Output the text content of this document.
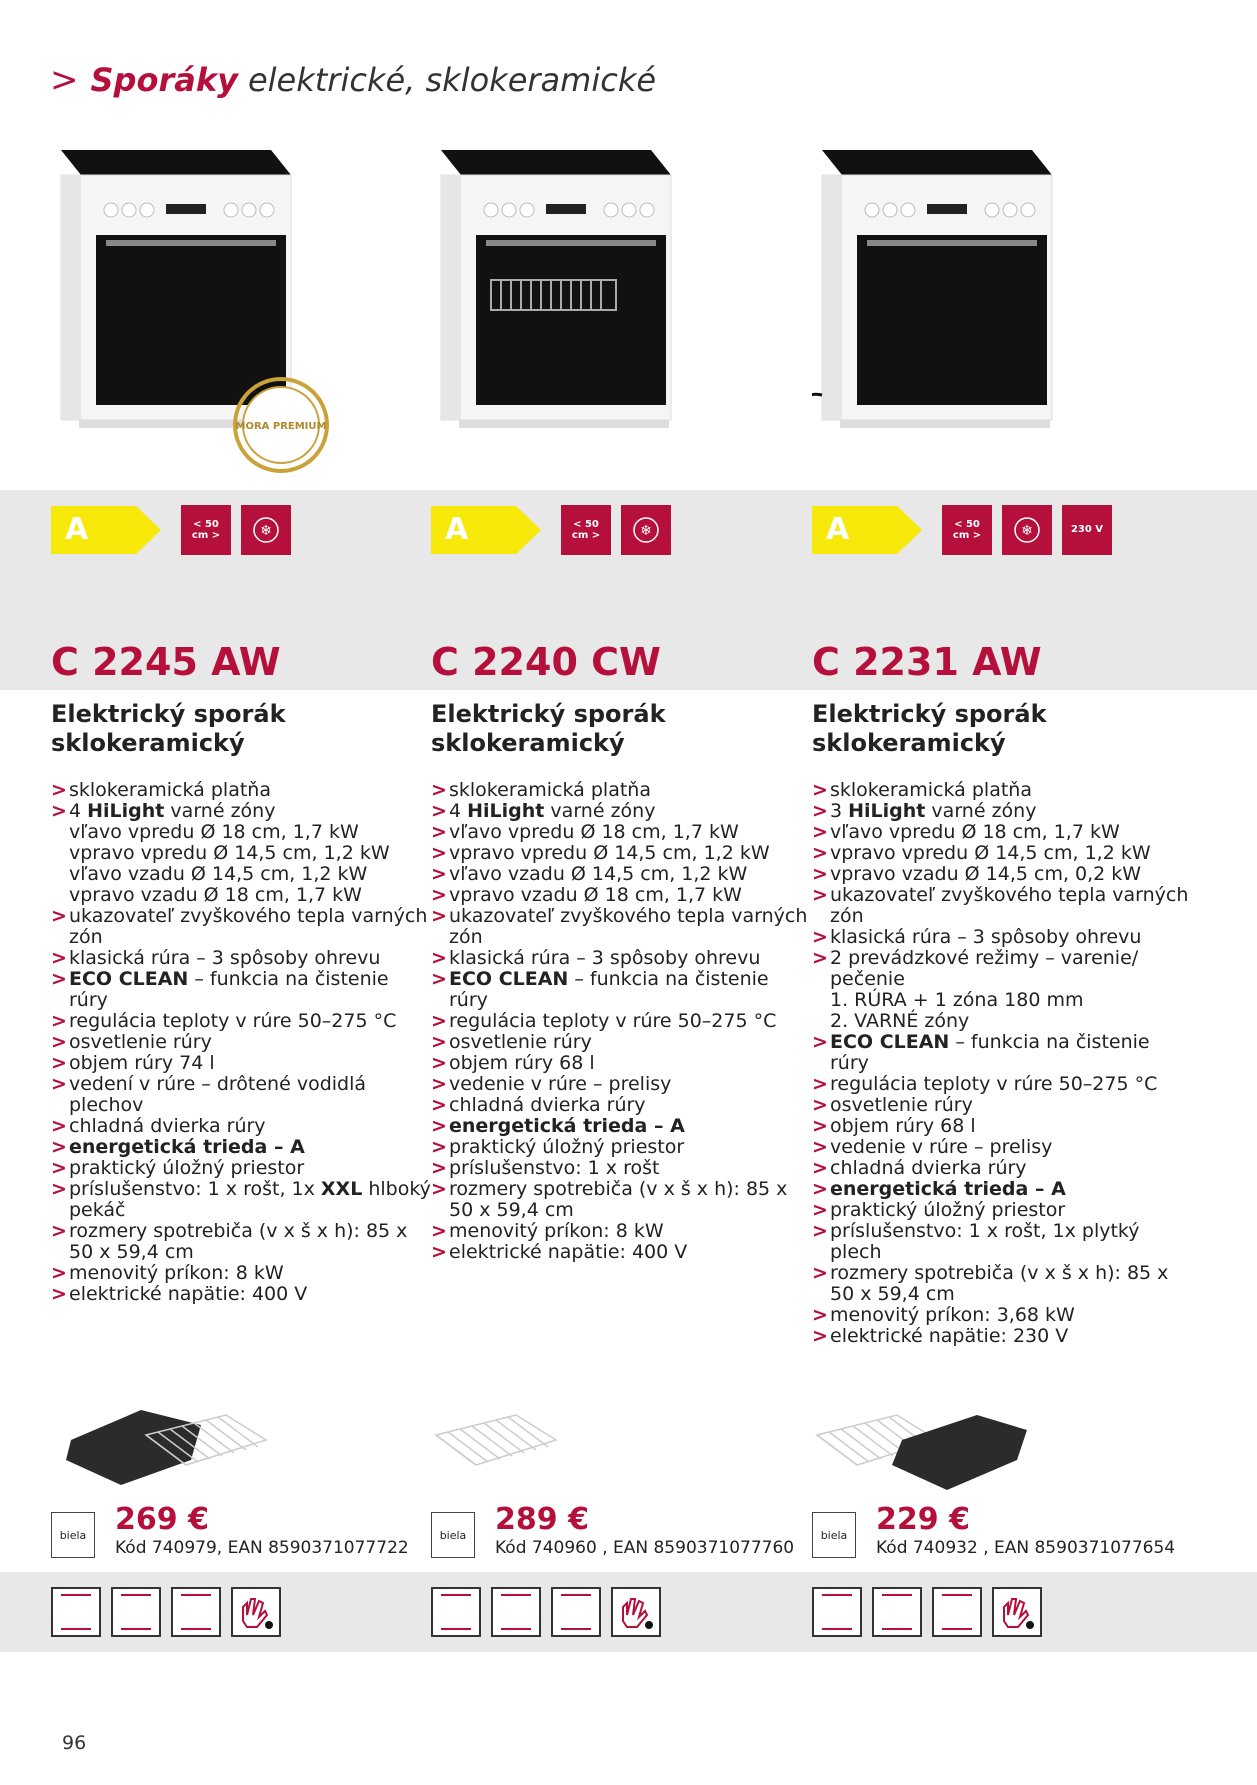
> Sporáky elektrické, sklokeramické
MORA PREMIUM
A	< 50
cm >	❄
C 2245 AW
Elektrický sporák
sklokeramický
> sklokeramická platňa
> 4 HiLight varné zóny
vľavo vpredu Ø 18 cm, 1,7 kW
vpravo vpredu Ø 14,5 cm, 1,2 kW
vľavo vzadu Ø 14,5 cm, 1,2 kW
vpravo vzadu Ø 18 cm, 1,7 kW
> ukazovateľ zvyškového tepla varných zón
> klasická rúra – 3 spôsoby ohrevu
> ECO CLEAN – funkcia na čistenie rúry
> regulácia teploty v rúre 50–275 °C
> osvetlenie rúry
> objem rúry 74 l
> vedení v rúre – drôtené vodidlá plechov
> chladná dvierka rúry
> energetická trieda – A
> praktický úložný priestor
> príslušenstvo: 1 x rošt, 1x XXL hlboký pekáč
> rozmery spotrebiča (v x š x h): 85 x 50 x 59,4 cm
> menovitý príkon: 8 kW
> elektrické napätie: 400 V
biela 269 €
Kód 740979, EAN 8590371077722
A	< 50
cm >	❄
C 2240 CW
Elektrický sporák
sklokeramický
> sklokeramická platňa
> 4 HiLight varné zóny
> vľavo vpredu Ø 18 cm, 1,7 kW
> vpravo vpredu Ø 14,5 cm, 1,2 kW
> vľavo vzadu Ø 14,5 cm, 1,2 kW
> vpravo vzadu Ø 18 cm, 1,7 kW
> ukazovateľ zvyškového tepla varných zón
> klasická rúra – 3 spôsoby ohrevu
> ECO CLEAN – funkcia na čistenie rúry
> regulácia teploty v rúre 50–275 °C
> osvetlenie rúry
> objem rúry 68 l
> vedenie v rúre – prelisy
> chladná dvierka rúry
> energetická trieda – A
> praktický úložný priestor
> príslušenstvo: 1 x rošt
> rozmery spotrebiča (v x š x h): 85 x 50 x 59,4 cm
> menovitý príkon: 8 kW
> elektrické napätie: 400 V
biela 289 €
Kód 740960 , EAN 8590371077760
A	< 50
cm >	❄	230 V
C 2231 AW
Elektrický sporák
sklokeramický
> sklokeramická platňa
> 3 HiLight varné zóny
> vľavo vpredu Ø 18 cm, 1,7 kW
> vpravo vpredu Ø 14,5 cm, 1,2 kW
> vpravo vzadu Ø 14,5 cm, 0,2 kW
> ukazovateľ zvyškového tepla varných zón
> klasická rúra – 3 spôsoby ohrevu
> 2 prevádzkové režimy – varenie/ pečenie
1. RÚRA + 1 zóna 180 mm
2. VARNÉ zóny
> ECO CLEAN – funkcia na čistenie rúry
> regulácia teploty v rúre 50–275 °C
> osvetlenie rúry
> objem rúry 68 l
> vedenie v rúre – prelisy
> chladná dvierka rúry
> energetická trieda – A
> praktický úložný priestor
> príslušenstvo: 1 x rošt, 1x plytký plech
> rozmery spotrebiča (v x š x h): 85 x 50 x 59,4 cm
> menovitý príkon: 3,68 kW
> elektrické napätie: 230 V
biela 229 €
Kód 740932 , EAN 8590371077654
96
